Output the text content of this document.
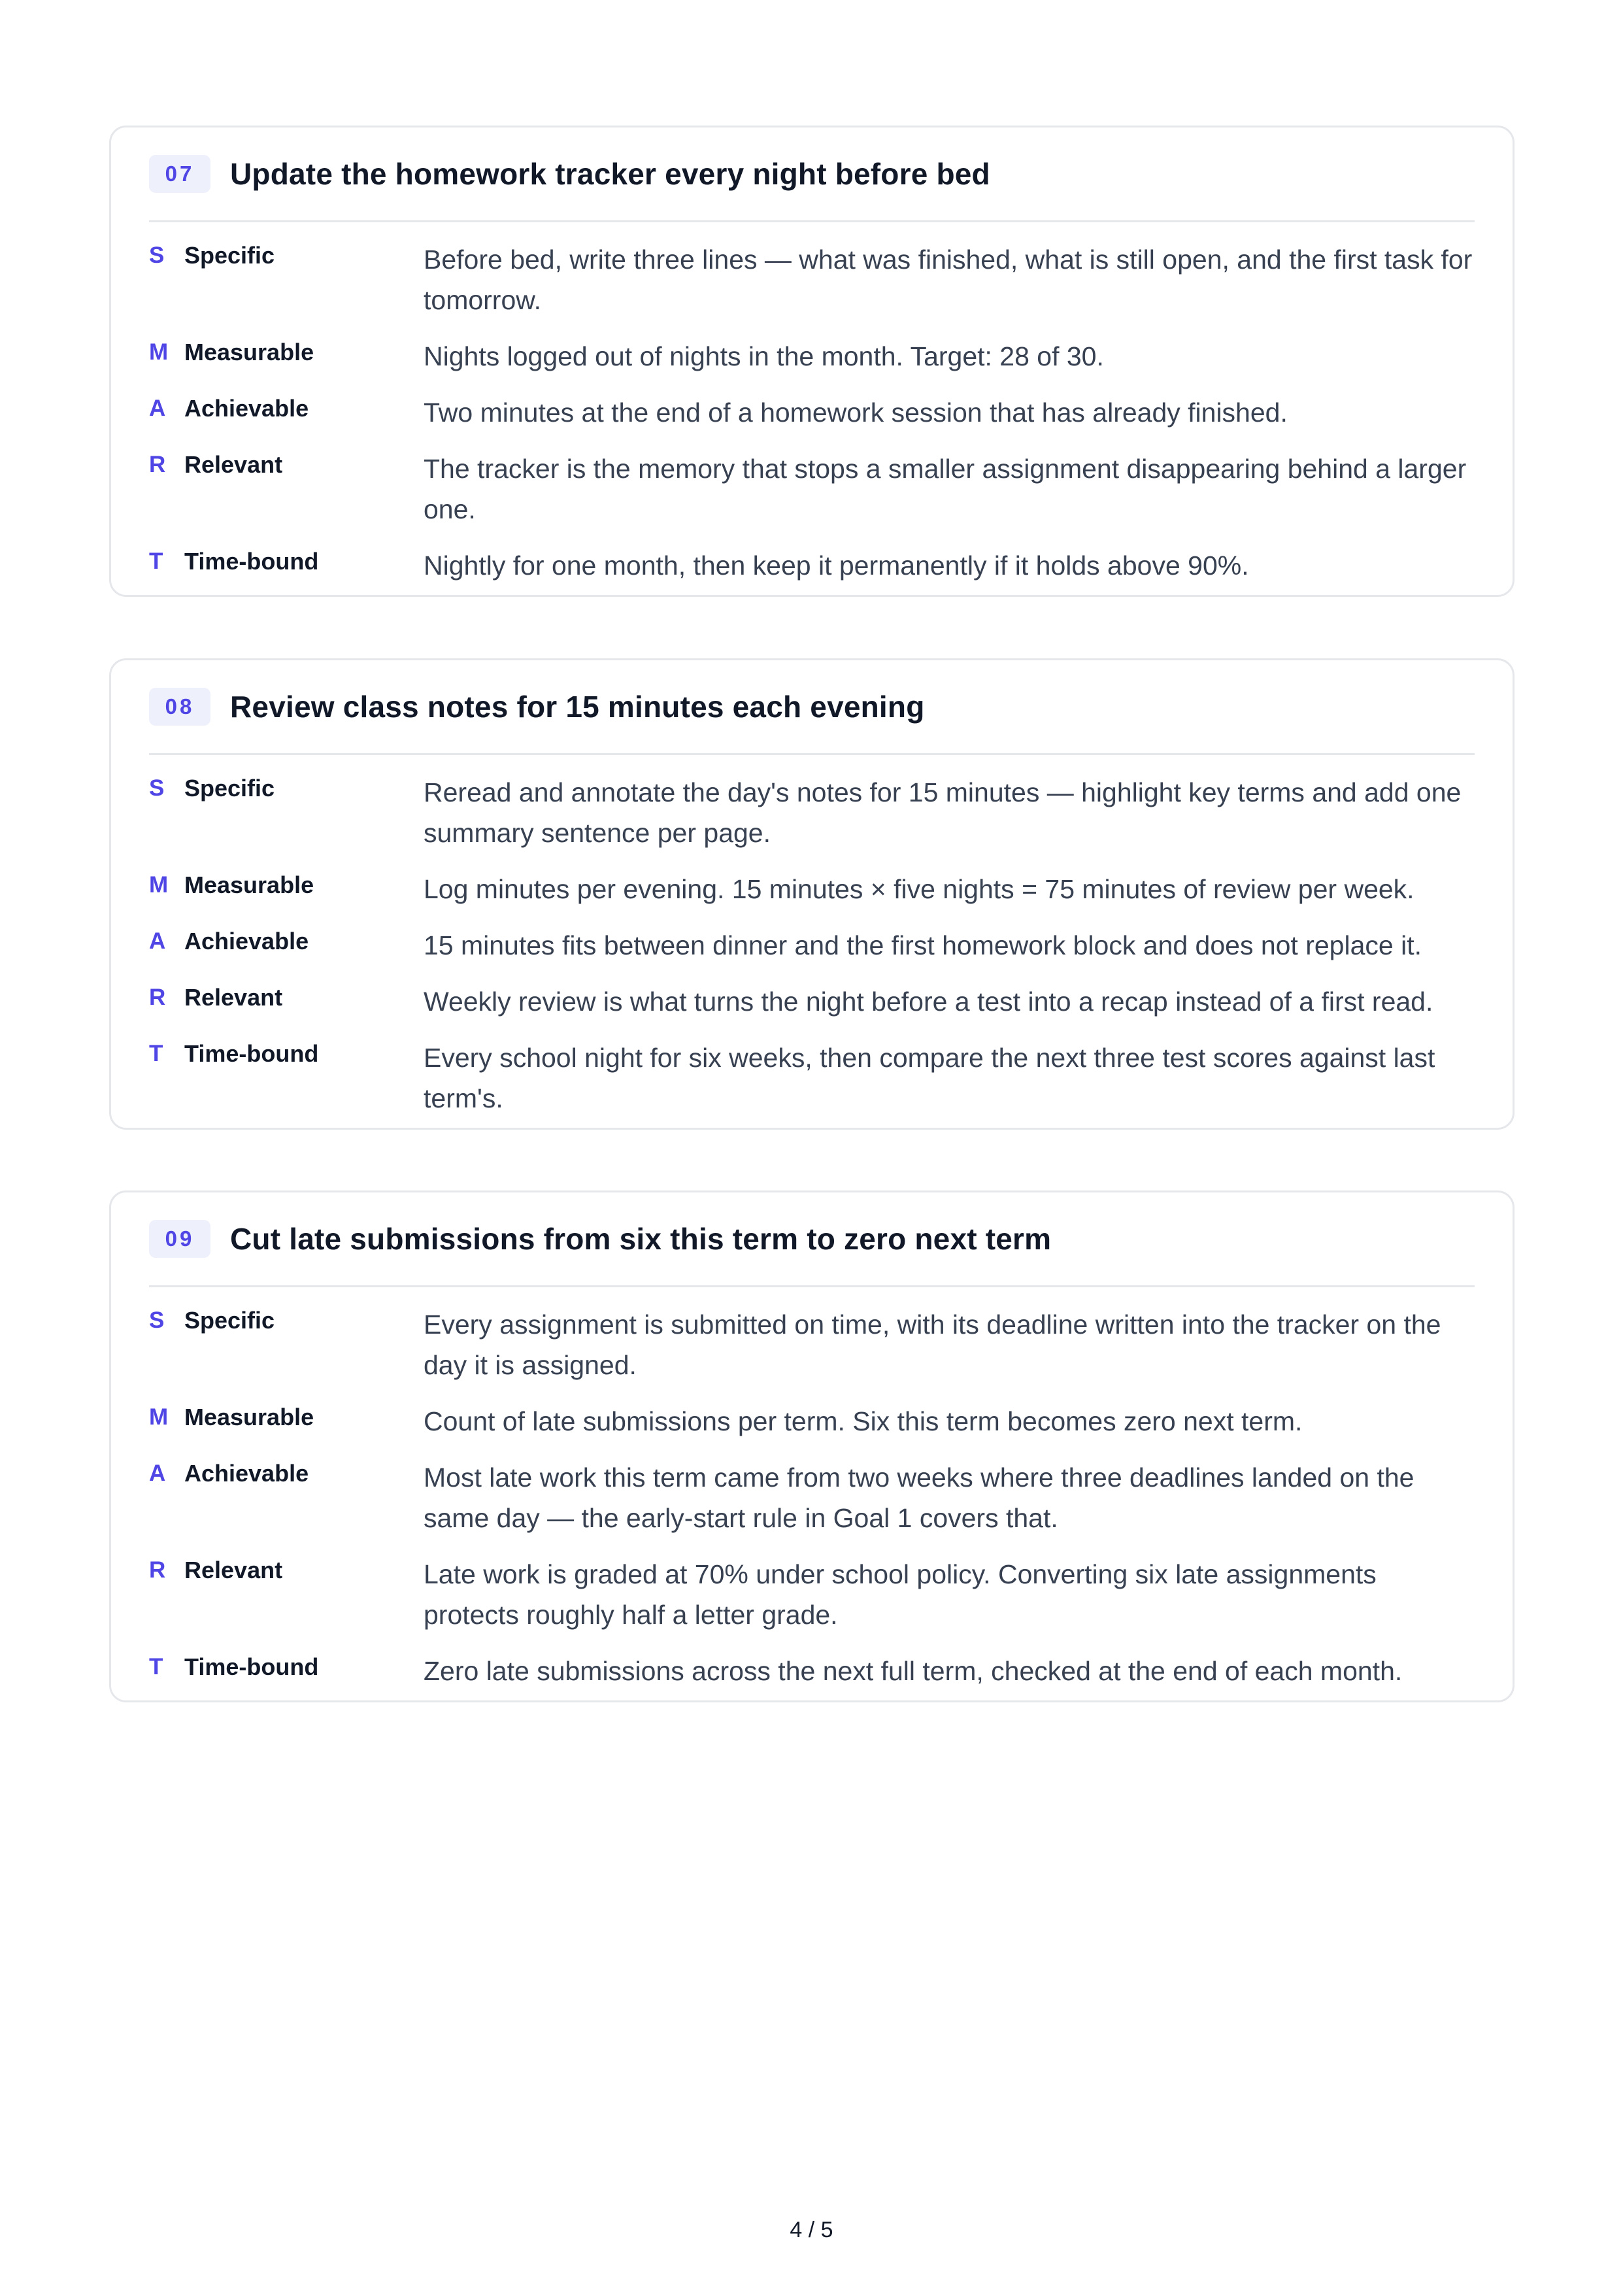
07	Update the homework tracker every night before bed
S Specific	Before bed, write three lines — what was finished, what is still open, and the first task for tomorrow.
M Measurable	Nights logged out of nights in the month. Target: 28 of 30.
A Achievable	Two minutes at the end of a homework session that has already finished.
R Relevant	The tracker is the memory that stops a smaller assignment disappearing behind a larger one.
T Time-bound	Nightly for one month, then keep it permanently if it holds above 90%.
08	Review class notes for 15 minutes each evening
S Specific	Reread and annotate the day's notes for 15 minutes — highlight key terms and add one summary sentence per page.
M Measurable	Log minutes per evening. 15 minutes × five nights = 75 minutes of review per week.
A Achievable	15 minutes fits between dinner and the first homework block and does not replace it.
R Relevant	Weekly review is what turns the night before a test into a recap instead of a first read.
T Time-bound	Every school night for six weeks, then compare the next three test scores against last term's.
09	Cut late submissions from six this term to zero next term
S Specific	Every assignment is submitted on time, with its deadline written into the tracker on the day it is assigned.
M Measurable	Count of late submissions per term. Six this term becomes zero next term.
A Achievable	Most late work this term came from two weeks where three deadlines landed on the same day — the early-start rule in Goal 1 covers that.
R Relevant	Late work is graded at 70% under school policy. Converting six late assignments protects roughly half a letter grade.
T Time-bound	Zero late submissions across the next full term, checked at the end of each month.
4 / 5
